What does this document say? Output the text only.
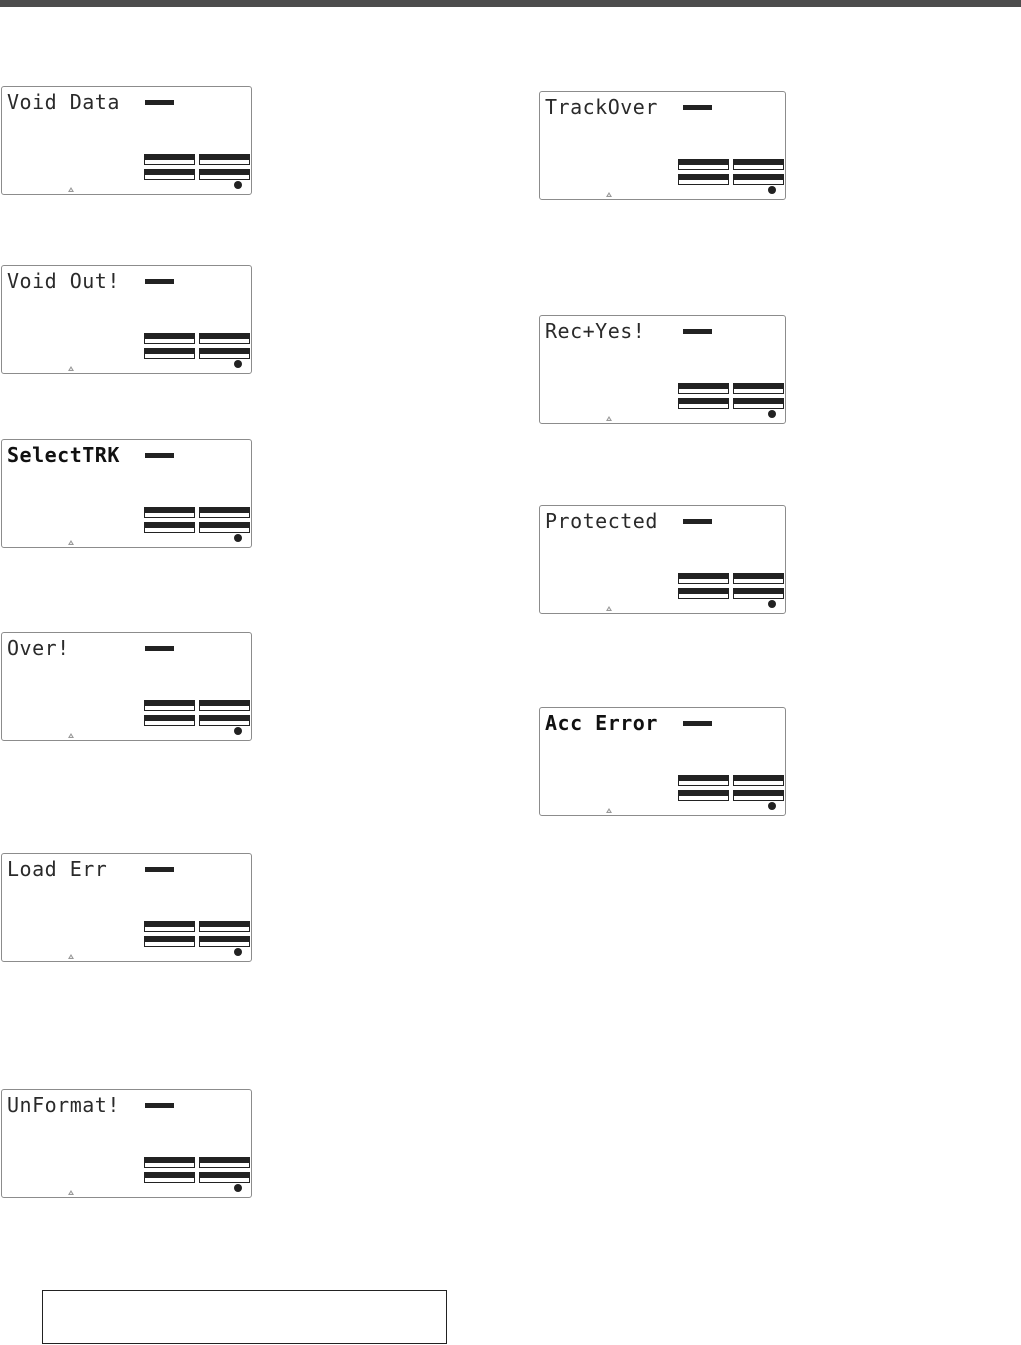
Void Data
Void Out!
SelectTRK
Over!
Load Err
UnFormat!
TrackOver
Rec+Yes!
Protected
Acc Error
